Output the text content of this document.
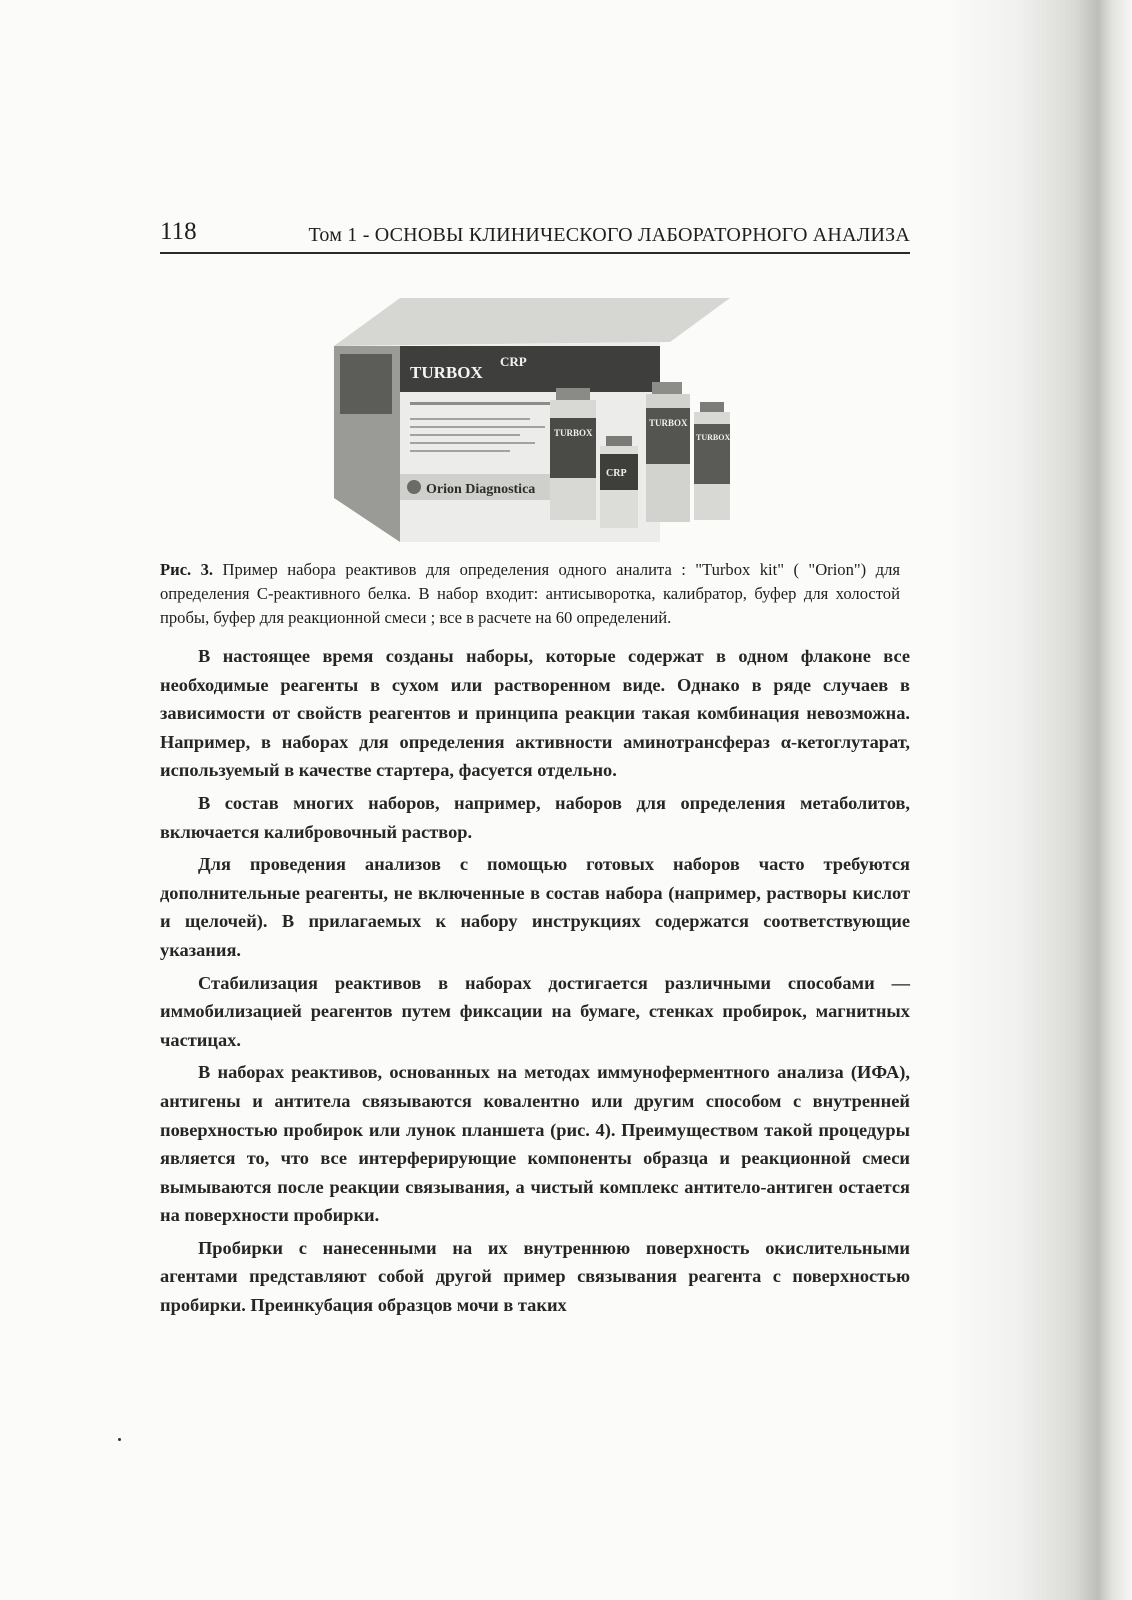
118	Том 1 - ОСНОВЫ КЛИНИЧЕСКОГО ЛАБОРАТОРНОГО АНАЛИЗА
TURBOX
CRP
Orion Diagnostica
TURBOX
CRP
TURBOX
TURBOX

Рис. 3. Пример набора реактивов для определения одного аналита : "Turbox kit" ( "Orion") для определения С-реактивного белка. В набор входит: антисыворотка, калибратор, буфер для холостой пробы, буфер для реакционной смеси ; все в расчете на 60 определений.

В настоящее время созданы наборы, которые содержат в одном флаконе все необходимые реагенты в сухом или растворенном виде. Однако в ряде случаев в зависимости от свойств реагентов и принципа реакции такая комбинация невозможна. Например, в наборах для определения активности аминотрансфераз α-кетоглутарат, используемый в качестве стартера, фасуется отдельно.

В состав многих наборов, например, наборов для определения метаболитов, включается калибровочный раствор.

Для проведения анализов с помощью готовых наборов часто требуются дополнительные реагенты, не включенные в состав набора (например, растворы кислот и щелочей). В прилагаемых к набору инструкциях содержатся соответствующие указания.

Стабилизация реактивов в наборах достигается различными способами — иммобилизацией реагентов путем фиксации на бумаге, стенках пробирок, магнитных частицах.

В наборах реактивов, основанных на методах иммуноферментного анализа (ИФА), антигены и антитела связываются ковалентно или другим способом с внутренней поверхностью пробирок или лунок планшета (рис. 4). Преимуществом такой процедуры является то, что все интерферирующие компоненты образца и реакционной смеси вымываются после реакции связывания, а чистый комплекс антитело-антиген остается на поверхности пробирки.

Пробирки с нанесенными на их внутреннюю поверхность окислительными агентами представляют собой другой пример связывания реагента с поверхностью пробирки. Преинкубация образцов мочи в таких
